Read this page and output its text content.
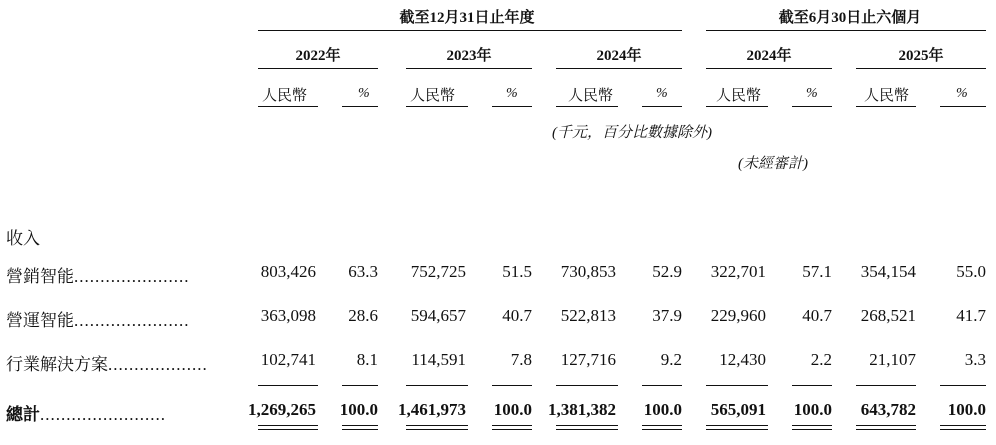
截至12月31日止年度	截至6月30日止六個月
2022年	2023年	2024年	2024年	2025年
人民幣	%	人民幣	%	人民幣	%	人民幣	%	人民幣	%
(千元，百分比數據除外)
(未經審計)
收入
營銷智能......................	803,426 63.3 752,725 51.5 730,853 52.9 322,701 57.1 354,154 55.0
營運智能......................	363,098 28.6 594,657 40.7 522,813 37.9 229,960 40.7 268,521 41.7
行業解決方案...................	102,741 8.1 114,591	7.8 127,716	9.2 12,430	2.2 21,107	3.3
總計........................	1,269,265 100.0 1,461,973 100.0 1,381,382 100.0 565,091 100.0 643,782 100.0
